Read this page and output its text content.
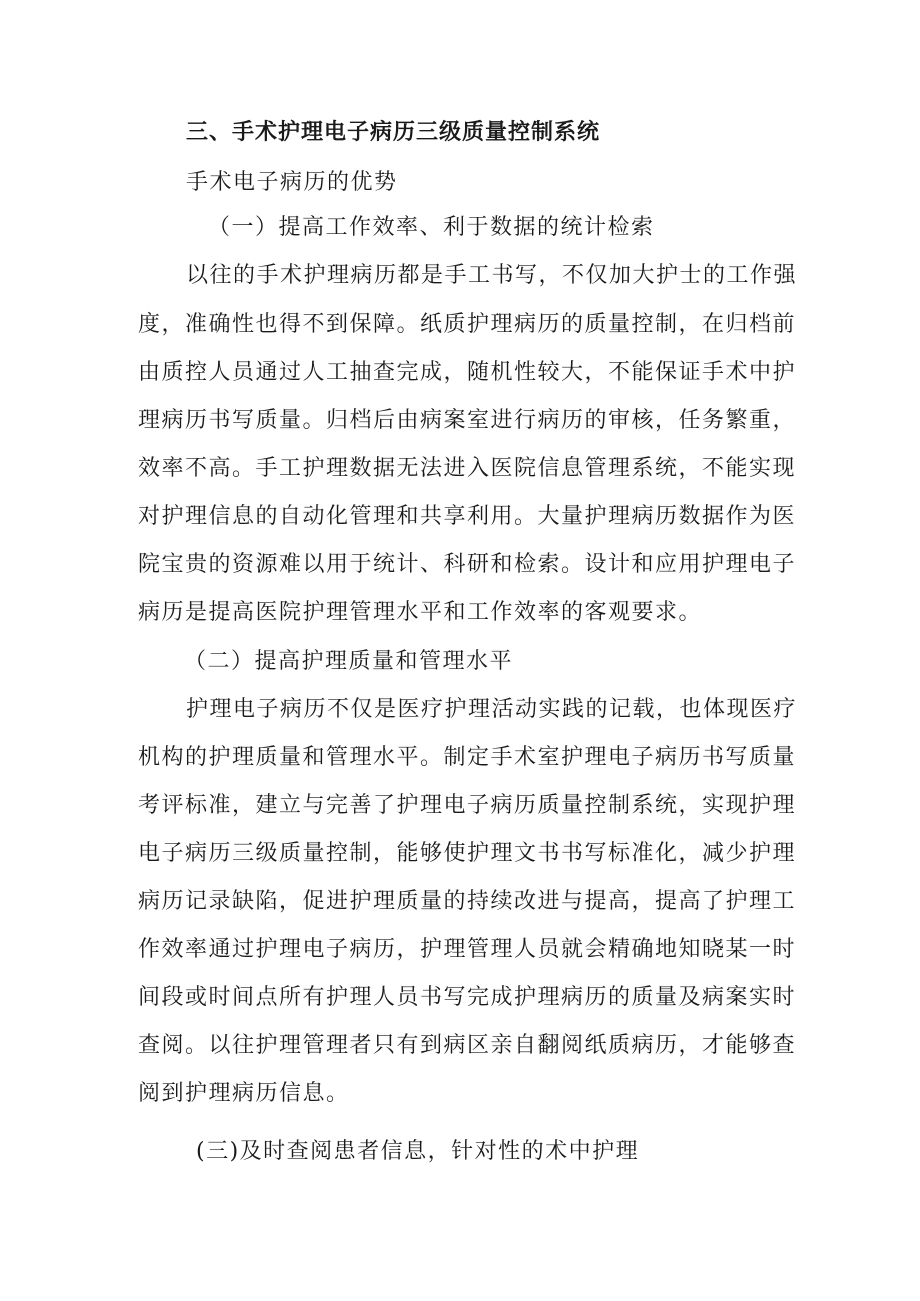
三、手术护理电子病历三级质量控制系统
手术电子病历的优势
（一）提高工作效率、利于数据的统计检索
以往的手术护理病历都是手工书写，不仅加大护士的工作强
度，准确性也得不到保障。纸质护理病历的质量控制，在归档前
由质控人员通过人工抽查完成，随机性较大，不能保证手术中护
理病历书写质量。归档后由病案室进行病历的审核，任务繁重，
效率不高。手工护理数据无法进入医院信息管理系统，不能实现
对护理信息的自动化管理和共享利用。大量护理病历数据作为医
院宝贵的资源难以用于统计、科研和检索。设计和应用护理电子
病历是提高医院护理管理水平和工作效率的客观要求。
（二）提高护理质量和管理水平
护理电子病历不仅是医疗护理活动实践的记载，也体现医疗
机构的护理质量和管理水平。制定手术室护理电子病历书写质量
考评标准，建立与完善了护理电子病历质量控制系统，实现护理
电子病历三级质量控制，能够使护理文书书写标准化，减少护理
病历记录缺陷，促进护理质量的持续改进与提高，提高了护理工
作效率通过护理电子病历，护理管理人员就会精确地知晓某一时
间段或时间点所有护理人员书写完成护理病历的质量及病案实时
查阅。以往护理管理者只有到病区亲自翻阅纸质病历，才能够查
阅到护理病历信息。
(三)及时查阅患者信息，针对性的术中护理
